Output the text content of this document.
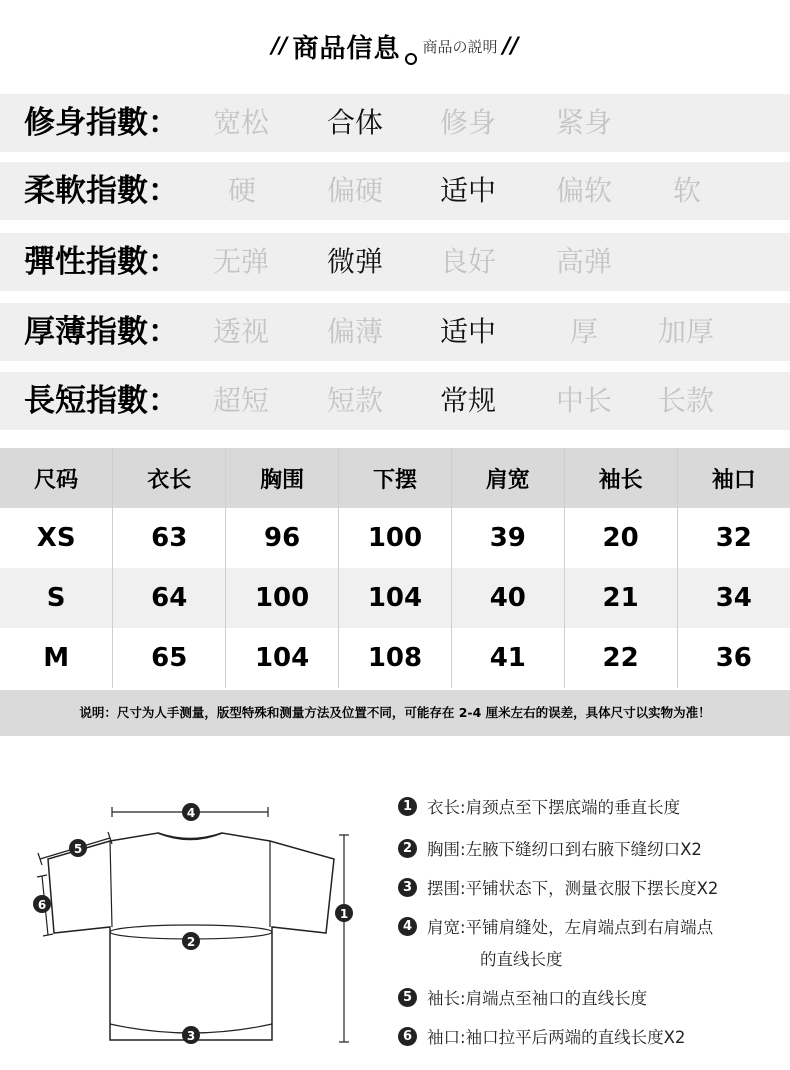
// 商品信息 商品の説明 //
修身指數： 宽松 合体 修身 紧身
柔軟指數： 硬	偏硬 适中 偏软 软
彈性指數： 无弹 微弹 良好 高弹
厚薄指數： 透视 偏薄 适中	厚 加厚
長短指數： 超短 短款 常规 中长 长款
尺码	衣长	胸围	下摆	肩宽	袖长	袖口
XS	63	96	100	39	20	32
S	64	100	104	40	21	34
M	65	104	108	41	22	36
说明：尺寸为人手测量，版型特殊和测量方法及位置不同，可能存在 2-4 厘米左右的误差，具体尺寸以实物为准！
4
5
6
2
3
1
1 衣长:肩颈点至下摆底端的垂直长度
2 胸围:左腋下缝纫口到右腋下缝纫口X2
3 摆围:平铺状态下，测量衣服下摆长度X2
4 肩宽:平铺肩缝处，左肩端点到右肩端点
的直线长度
5 袖长:肩端点至袖口的直线长度
6 袖口:袖口拉平后两端的直线长度X2
